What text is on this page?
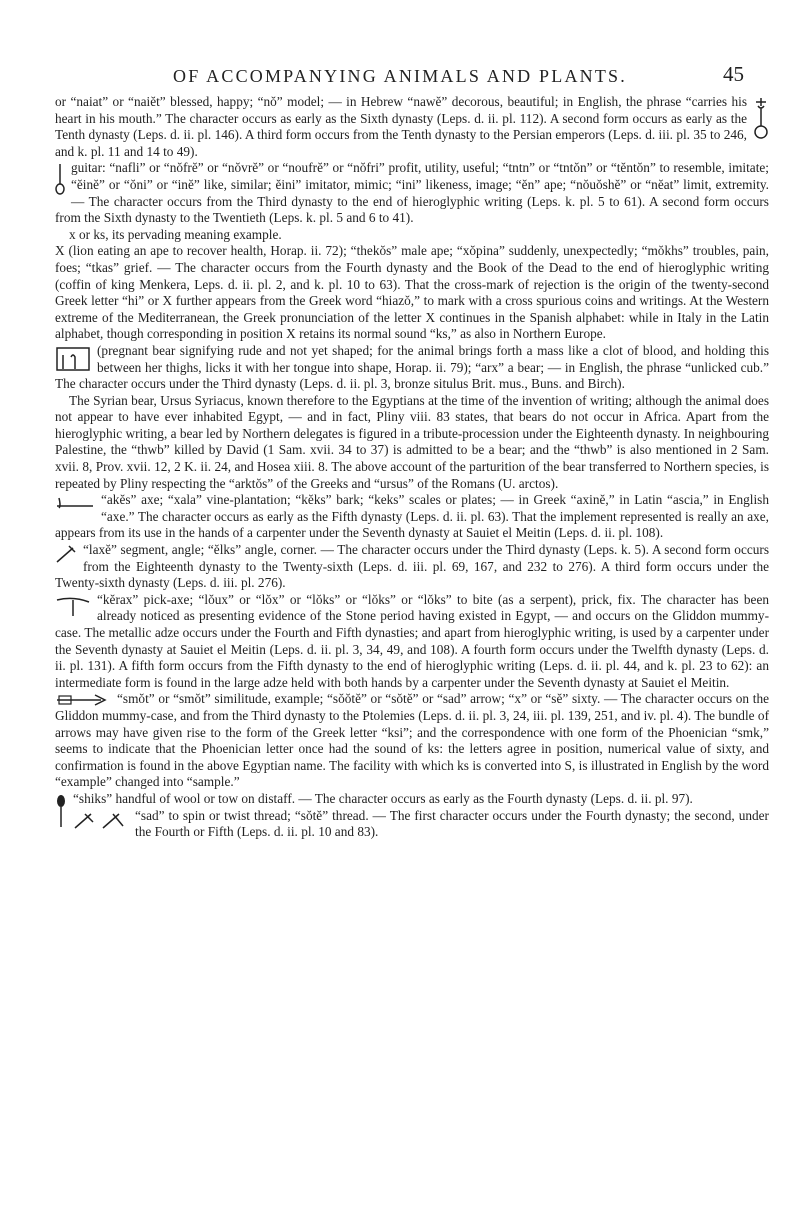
OF ACCOMPANYING ANIMALS AND PLANTS.	45

or “naiat” or “naiĕt” blessed, happy; “nŏ” model; — in Hebrew “nawĕ” decorous, beautiful; in English, the phrase “carries his heart in his mouth.” The character occurs as early as the Sixth dynasty (Leps. d. ii. pl. 112). A second form occurs as early as the Tenth dynasty (Leps. d. ii. pl. 146). A third form occurs from the Tenth dynasty to the Persian emperors (Leps. d. iii. pl. 35 to 246, and k. pl. 11 and 14 to 49).

guitar: “nafli” or “nŏfrĕ” or “nŏvrĕ” or “noufrĕ” or “nŏfri” profit, utility, useful; “tntn” or “tntŏn” or “tĕntŏn” to resemble, imitate; “ĕinĕ” or “ŏni” or “inĕ” like, similar; ĕini” imitator, mimic; “ini” likeness, image; “ĕn” ape; “nŏuŏshĕ” or “nĕat” limit, extremity. — The character occurs from the Third dynasty to the end of hieroglyphic writing (Leps. k. pl. 5 to 61). A second form occurs from the Sixth dynasty to the Twentieth (Leps. k. pl. 5 and 6 to 41).

x or ks, its pervading meaning example.

X (lion eating an ape to recover health, Horap. ii. 72); “thekŏs” male ape; “xŏpina” suddenly, unexpectedly; “mŏkhs” troubles, pain, foes; “tkas” grief. — The character occurs from the Fourth dynasty and the Book of the Dead to the end of hieroglyphic writing (coffin of king Menkera, Leps. d. ii. pl. 2, and k. pl. 10 to 63). That the cross-mark of rejection is the origin of the twenty-second Greek letter “hi” or X further appears from the Greek word “hiazŏ,” to mark with a cross spurious coins and writings. At the Western extreme of the Mediterranean, the Greek pronunciation of the letter X continues in the Spanish alphabet: while in Italy in the Latin alphabet, though corresponding in position X retains its normal sound “ks,” as also in Northern Europe.

(pregnant bear signifying rude and not yet shaped; for the animal brings forth a mass like a clot of blood, and holding this between her thighs, licks it with her tongue into shape, Horap. ii. 79); “arx” a bear; — in English, the phrase “unlicked cub.” The character occurs under the Third dynasty (Leps. d. ii. pl. 3, bronze situlus Brit. mus., Buns. and Birch).

The Syrian bear, Ursus Syriacus, known therefore to the Egyptians at the time of the invention of writing; although the animal does not appear to have ever inhabited Egypt, — and in fact, Pliny viii. 83 states, that bears do not occur in Africa. Apart from the hieroglyphic writing, a bear led by Northern delegates is figured in a tribute-procession under the Eighteenth dynasty. In neighbouring Palestine, the “thwb” killed by David (1 Sam. xvii. 34 to 37) is admitted to be a bear; and the “thwb” is also mentioned in 2 Sam. xvii. 8, Prov. xvii. 12, 2 K. ii. 24, and Hosea xiii. 8. The above account of the parturition of the bear transferred to Northern species, is repeated by Pliny respecting the “arktŏs” of the Greeks and “ursus” of the Romans (U. arctos).

“akĕs” axe; “xala” vine-plantation; “kĕks” bark; “keks” scales or plates; — in Greek “axinĕ,” in Latin “ascia,” in English “axe.” The character occurs as early as the Fifth dynasty (Leps. d. ii. pl. 63). That the implement represented is really an axe, appears from its use in the hands of a carpenter under the Seventh dynasty at Sauiet el Meitin (Leps. d. ii. pl. 108).

“laxĕ” segment, angle; “ĕlks” angle, corner. — The character occurs under the Third dynasty (Leps. k. 5). A second form occurs from the Eighteenth dynasty to the Twenty-sixth (Leps. d. iii. pl. 69, 167, and 232 to 276). A third form occurs under the Twenty-sixth dynasty (Leps. d. iii. pl. 276).

“kĕrax” pick-axe; “lŏux” or “lŏx” or “lŏks” or “lŏks” or “lŏks” to bite (as a serpent), prick, fix. The character has been already noticed as presenting evidence of the Stone period having existed in Egypt, — and occurs on the Gliddon mummy-case. The metallic adze occurs under the Fourth and Fifth dynasties; and apart from hieroglyphic writing, is used by a carpenter under the Seventh dynasty at Sauiet el Meitin (Leps. d. ii. pl. 3, 34, 49, and 108). A fourth form occurs under the Twelfth dynasty (Leps. d. ii. pl. 131). A fifth form occurs from the Fifth dynasty to the end of hieroglyphic writing (Leps. d. ii. pl. 44, and k. pl. 23 to 62): an intermediate form is found in the large adze held with both hands by a carpenter under the Seventh dynasty at Sauiet el Meitin.

“smŏt” or “smŏt” similitude, example; “sŏŏtĕ” or “sŏtĕ” or “sad” arrow; “x” or “sĕ” sixty. — The character occurs on the Gliddon mummy-case, and from the Third dynasty to the Ptolemies (Leps. d. ii. pl. 3, 24, iii. pl. 139, 251, and iv. pl. 4). The bundle of arrows may have given rise to the form of the Greek letter “ksi”; and the correspondence with one form of the Phoenician “smk,” seems to indicate that the Phoenician letter once had the sound of ks: the letters agree in position, numerical value of sixty, and confirmation is found in the above Egyptian name. The facility with which ks is converted into S, is illustrated in English by the word “example” changed into “sample.”

“shiks” handful of wool or tow on distaff. — The character occurs as early as the Fourth dynasty (Leps. d. ii. pl. 97).

“sad” to spin or twist thread; “sŏtĕ” thread. — The first character occurs under the Fourth dynasty; the second, under the Fourth or Fifth (Leps. d. ii. pl. 10 and 83).
